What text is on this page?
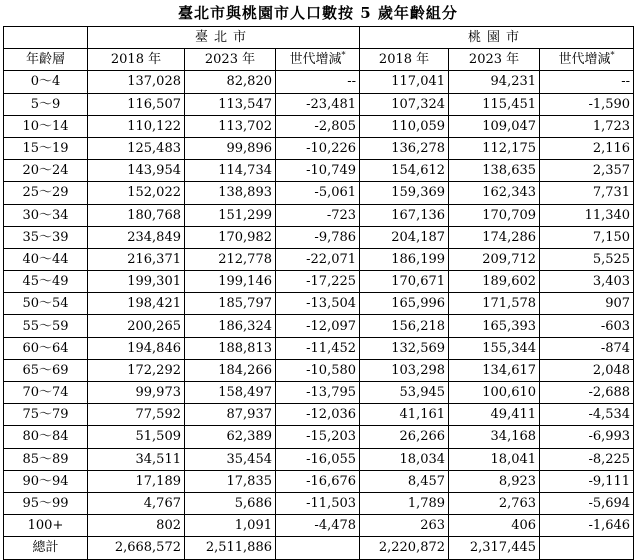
臺北市與桃園市人口數按 5 歲年齡組分
	臺北市			桃園市		
年齡層	2018 年	2023 年	世代增減*	2018 年	2023 年	世代增減*
0～4	137,028	82,820	--	117,041	94,231	--
5～9	116,507	113,547	-23,481	107,324	115,451	-1,590
10～14	110,122	113,702	-2,805	110,059	109,047	1,723
15～19	125,483	99,896	-10,226	136,278	112,175	2,116
20～24	143,954	114,734	-10,749	154,612	138,635	2,357
25～29	152,022	138,893	-5,061	159,369	162,343	7,731
30～34	180,768	151,299	-723	167,136	170,709	11,340
35～39	234,849	170,982	-9,786	204,187	174,286	7,150
40～44	216,371	212,778	-22,071	186,199	209,712	5,525
45～49	199,301	199,146	-17,225	170,671	189,602	3,403
50～54	198,421	185,797	-13,504	165,996	171,578	907
55～59	200,265	186,324	-12,097	156,218	165,393	-603
60～64	194,846	188,813	-11,452	132,569	155,344	-874
65～69	172,292	184,266	-10,580	103,298	134,617	2,048
70～74	99,973	158,497	-13,795	53,945	100,610	-2,688
75～79	77,592	87,937	-12,036	41,161	49,411	-4,534
80～84	51,509	62,389	-15,203	26,266	34,168	-6,993
85～89	34,511	35,454	-16,055	18,034	18,041	-8,225
90～94	17,189	17,835	-16,676	8,457	8,923	-9,111
95～99	4,767	5,686	-11,503	1,789	2,763	-5,694
100+	802	1,091	-4,478	263	406	-1,646
總計	2,668,572	2,511,886		2,220,872	2,317,445	
